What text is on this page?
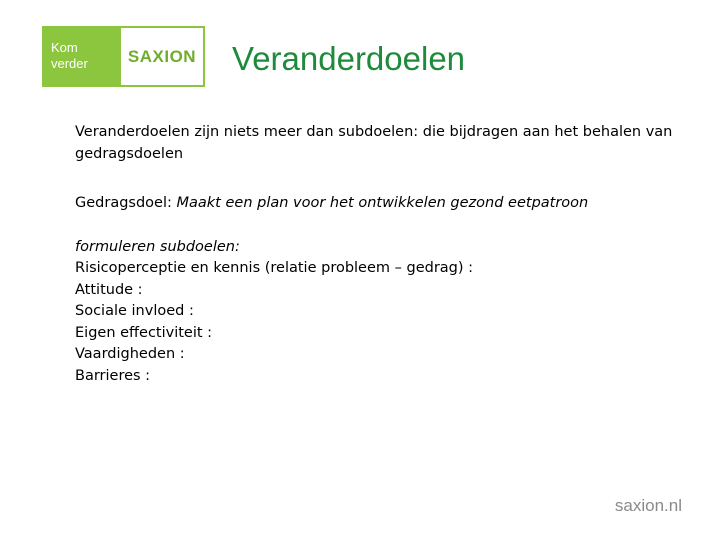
Kom
verder	SAXION Veranderdoelen

Veranderdoelen zijn niets meer dan subdoelen: die bijdragen aan het behalen van gedragsdoelen

Gedragsdoel: Maakt een plan voor het ontwikkelen gezond eetpatroon

formuleren subdoelen:

Risicoperceptie en kennis (relatie probleem – gedrag) :
Attitude :
Sociale invloed :
Eigen effectiviteit :
Vaardigheden :
Barrieres :
saxion.nl
